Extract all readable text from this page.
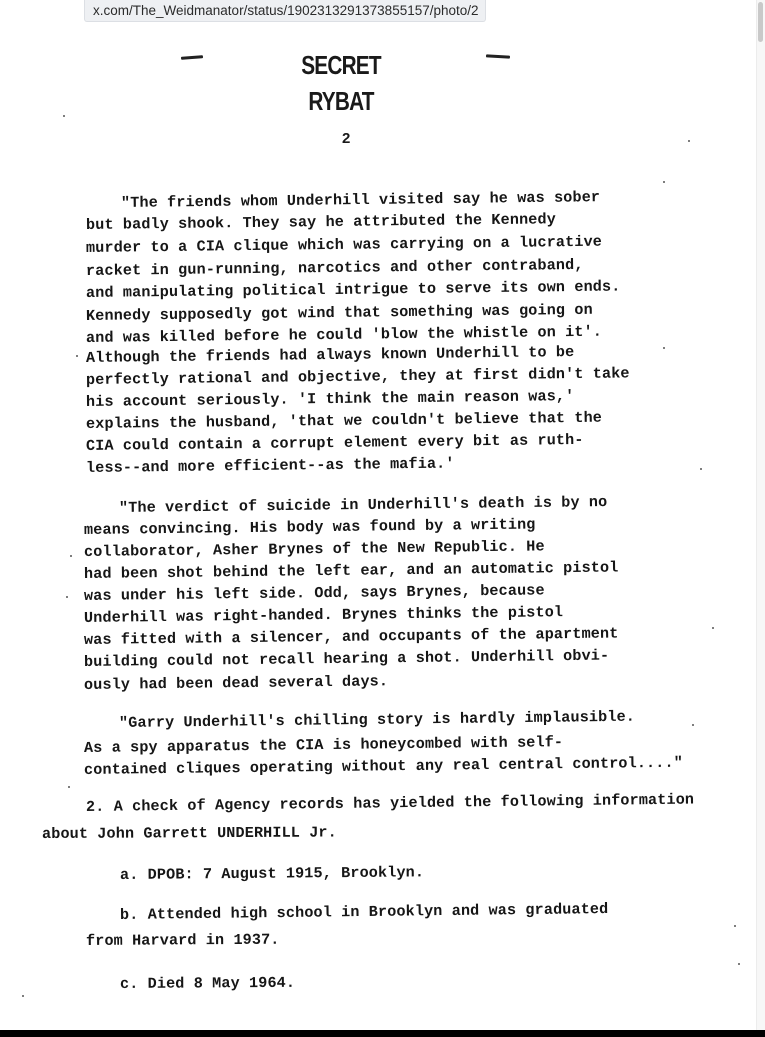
x.com/The_Weidmanator/status/1902313291373855157/photo/2
SECRET
RYBAT
2

"The friends whom Underhill visited say he was sober

but badly shook. They say he attributed the Kennedy

murder to a CIA clique which was carrying on a lucrative

racket in gun-running, narcotics and other contraband,

and manipulating political intrigue to serve its own ends.

Kennedy supposedly got wind that something was going on

and was killed before he could 'blow the whistle on it'.

Although the friends had always known Underhill to be

perfectly rational and objective, they at first didn't take

his account seriously. 'I think the main reason was,'

explains the husband, 'that we couldn't believe that the

CIA could contain a corrupt element every bit as ruth-

less--and more efficient--as the mafia.'

"The verdict of suicide in Underhill's death is by no

means convincing. His body was found by a writing

collaborator, Asher Brynes of the New Republic. He

had been shot behind the left ear, and an automatic pistol

was under his left side. Odd, says Brynes, because

Underhill was right-handed. Brynes thinks the pistol

was fitted with a silencer, and occupants of the apartment

building could not recall hearing a shot. Underhill obvi-

ously had been dead several days.

"Garry Underhill's chilling story is hardly implausible.

As a spy apparatus the CIA is honeycombed with self-

contained cliques operating without any real central control...."

2. A check of Agency records has yielded the following information

about John Garrett UNDERHILL Jr.

a. DPOB: 7 August 1915, Brooklyn.

b. Attended high school in Brooklyn and was graduated

from Harvard in 1937.

c. Died 8 May 1964.
